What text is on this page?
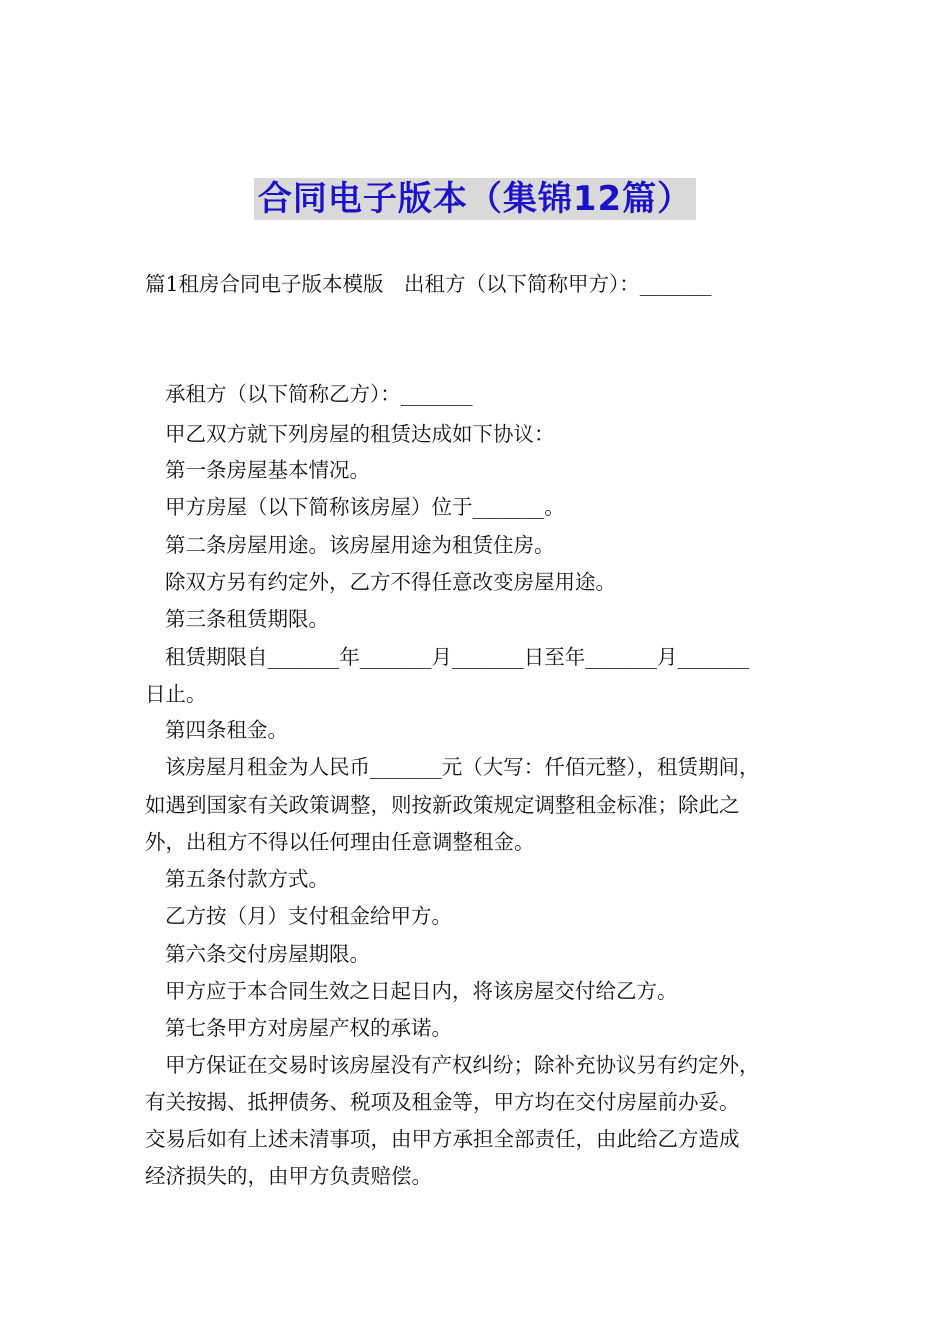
合同电子版本（集锦12篇）
篇1租房合同电子版本模版　出租方（以下简称甲方）：_______
承租方（以下简称乙方）：_______
甲乙双方就下列房屋的租赁达成如下协议：
第一条房屋基本情况。
甲方房屋（以下简称该房屋）位于_______。
第二条房屋用途。该房屋用途为租赁住房。
除双方另有约定外，乙方不得任意改变房屋用途。
第三条租赁期限。
租赁期限自_______年_______月_______日至年_______月_______
日止。
第四条租金。
该房屋月租金为人民币_______元（大写：仟佰元整），租赁期间，
如遇到国家有关政策调整，则按新政策规定调整租金标准；除此之
外，出租方不得以任何理由任意调整租金。
第五条付款方式。
乙方按（月）支付租金给甲方。
第六条交付房屋期限。
甲方应于本合同生效之日起日内，将该房屋交付给乙方。
第七条甲方对房屋产权的承诺。
甲方保证在交易时该房屋没有产权纠纷；除补充协议另有约定外，
有关按揭、抵押债务、税项及租金等，甲方均在交付房屋前办妥。
交易后如有上述未清事项，由甲方承担全部责任，由此给乙方造成
经济损失的，由甲方负责赔偿。
